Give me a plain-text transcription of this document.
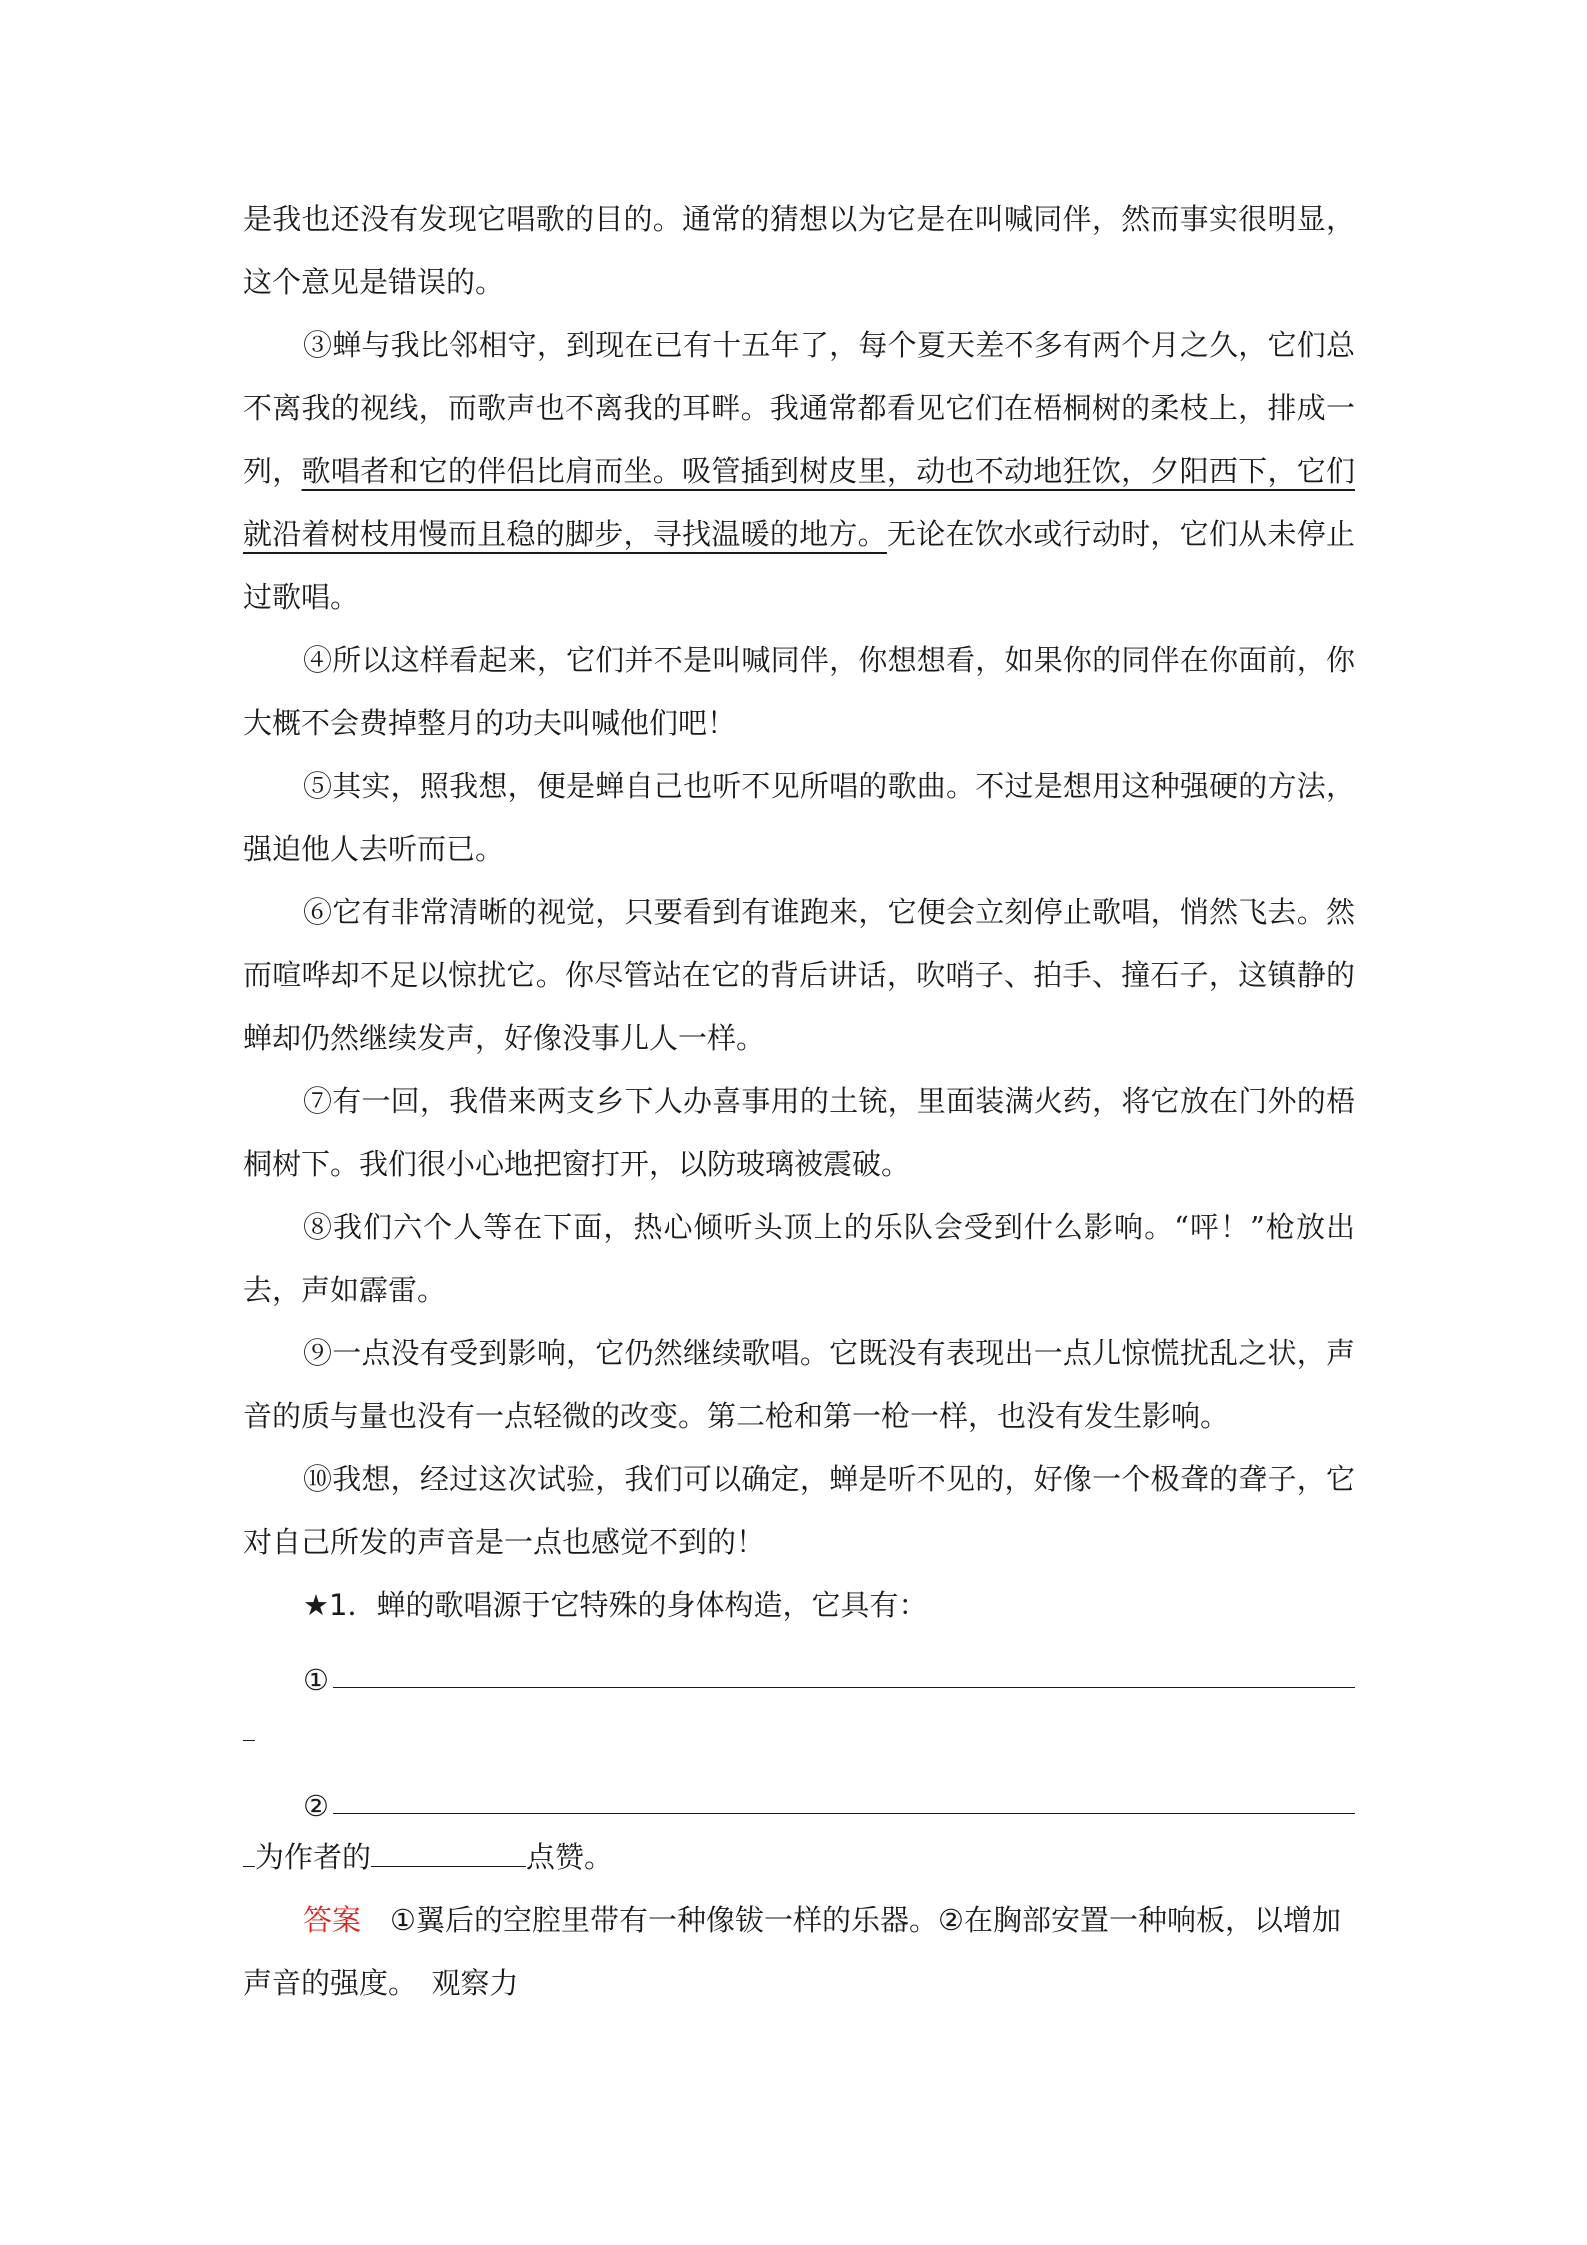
是我也还没有发现它唱歌的目的。通常的猜想以为它是在叫喊同伴，然而事实很明显，这个意见是错误的。

③蝉与我比邻相守，到现在已有十五年了，每个夏天差不多有两个月之久，它们总不离我的视线，而歌声也不离我的耳畔。我通常都看见它们在梧桐树的柔枝上，排成一列，歌唱者和它的伴侣比肩而坐。吸管插到树皮里，动也不动地狂饮，夕阳西下，它们就沿着树枝用慢而且稳的脚步，寻找温暖的地方。无论在饮水或行动时，它们从未停止过歌唱。

④所以这样看起来，它们并不是叫喊同伴，你想想看，如果你的同伴在你面前，你大概不会费掉整月的功夫叫喊他们吧！

⑤其实，照我想，便是蝉自己也听不见所唱的歌曲。不过是想用这种强硬的方法，强迫他人去听而已。

⑥它有非常清晰的视觉，只要看到有谁跑来，它便会立刻停止歌唱，悄然飞去。然而喧哗却不足以惊扰它。你尽管站在它的背后讲话，吹哨子、拍手、撞石子，这镇静的蝉却仍然继续发声，好像没事儿人一样。

⑦有一回，我借来两支乡下人办喜事用的土铳，里面装满火药，将它放在门外的梧桐树下。我们很小心地把窗打开，以防玻璃被震破。

⑧我们六个人等在下面，热心倾听头顶上的乐队会受到什么影响。“呯！”枪放出去，声如霹雷。

⑨一点没有受到影响，它仍然继续歌唱。它既没有表现出一点儿惊慌扰乱之状，声音的质与量也没有一点轻微的改变。第二枪和第一枪一样，也没有发生影响。

⑩我想，经过这次试验，我们可以确定，蝉是听不见的，好像一个极聋的聋子，它对自己所发的声音是一点也感觉不到的！

★1．蝉的歌唱源于它特殊的身体构造，它具有：

①
②

为作者的	点赞。

答案　 ①翼后的空腔里带有一种像钹一样的乐器。②在胸部安置一种响板，以增加声音的强度。　观察力
